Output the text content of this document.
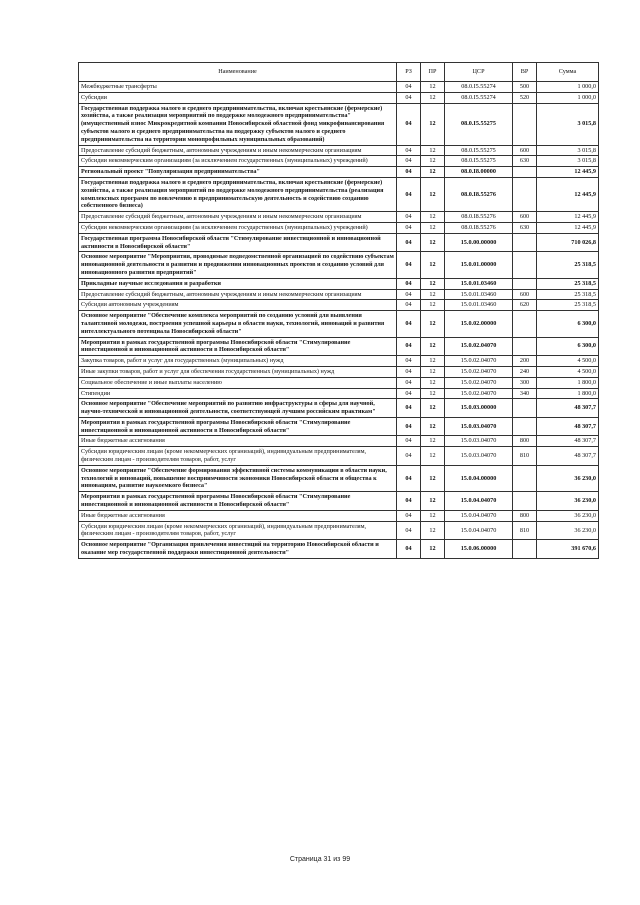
Наименование	РЗ	ПР	ЦСР	ВР	Сумма
Межбюджетные трансферты	04	12	08.0.I5.55274	500	1 000,0
Субсидии	04	12	08.0.I5.55274	520	1 000,0
Государственная поддержка малого и среднего предпринимательства, включая крестьянские (фермерские) хозяйства, а также реализация мероприятий по поддержке молодежного предпринимательства" (имущественный взнос Микрокредитной компании Новосибирской областной фонд микрофинансирования субъектов малого и среднего предпринимательства на поддержку субъектов малого и среднего предпринимательства на территории монопрофильных муниципальных образований)	04	12	08.0.I5.55275		3 015,8
Предоставление субсидий бюджетным, автономным учреждениям и иным некоммерческим организациям	04	12	08.0.I5.55275	600	3 015,8
Субсидии некоммерческим организациям (за исключением государственных (муниципальных) учреждений)	04	12	08.0.I5.55275	630	3 015,8
Региональный проект "Популяризация предпринимательства"	04	12	08.0.I8.00000		12 445,9
Государственная поддержка малого и среднего предпринимательства, включая крестьянские (фермерские) хозяйства, а также реализация мероприятий по поддержке молодежного предпринимательства (реализация комплексных программ по вовлечению в предпринимательскую деятельность и содействию созданию собственного бизнеса)	04	12	08.0.I8.55276		12 445,9
Предоставление субсидий бюджетным, автономным учреждениям и иным некоммерческим организациям	04	12	08.0.I8.55276	600	12 445,9
Субсидии некоммерческим организациям (за исключением государственных (муниципальных) учреждений)	04	12	08.0.I8.55276	630	12 445,9
Государственная программа Новосибирской области "Стимулирование инвестиционной и инновационной активности в Новосибирской области"	04	12	15.0.00.00000		710 026,8
Основное мероприятие "Мероприятия, проводимые подведомственной организацией по содействию субъектам инновационной деятельности в развитии и продвижении инновационных проектов и созданию условий для инновационного развития предприятий"	04	12	15.0.01.00000		25 318,5
Прикладные научные исследования и разработки	04	12	15.0.01.03460		25 318,5
Предоставление субсидий бюджетным, автономным учреждениям и иным некоммерческим организациям	04	12	15.0.01.03460	600	25 318,5
Субсидии автономным учреждениям	04	12	15.0.01.03460	620	25 318,5
Основное мероприятие "Обеспечение комплекса мероприятий по созданию условий для выявления талантливой молодежи, построения успешной карьеры в области науки, технологий, инноваций и развития интеллектуального потенциала Новосибирской области"	04	12	15.0.02.00000		6 300,0
Мероприятия в рамках государственной программы Новосибирской области "Стимулирование инвестиционной и инновационной активности в Новосибирской области"	04	12	15.0.02.04070		6 300,0
Закупка товаров, работ и услуг для государственных (муниципальных) нужд	04	12	15.0.02.04070	200	4 500,0
Иные закупки товаров, работ и услуг для обеспечения государственных (муниципальных) нужд	04	12	15.0.02.04070	240	4 500,0
Социальное обеспечение и иные выплаты населению	04	12	15.0.02.04070	300	1 800,0
Стипендии	04	12	15.0.02.04070	340	1 800,0
Основное мероприятие "Обеспечение мероприятий по развитию инфраструктуры в сферы для научной, научно-технической и инновационной деятельности, соответствующей лучшим российским практикам"	04	12	15.0.03.00000		48 307,7
Мероприятия в рамках государственной программы Новосибирской области "Стимулирование инвестиционной и инновационной активности в Новосибирской области"	04	12	15.0.03.04070		48 307,7
Иные бюджетные ассигнования	04	12	15.0.03.04070	800	48 307,7
Субсидии юридическим лицам (кроме некоммерческих организаций), индивидуальным предпринимателям, физическим лицам - производителям товаров, работ, услуг	04	12	15.0.03.04070	810	48 307,7
Основное мероприятие "Обеспечение формирования эффективной системы коммуникации в области науки, технологий и инноваций, повышение восприимчивости экономики Новосибирской области и общества к инновациям, развитие наукоемкого бизнеса"	04	12	15.0.04.00000		36 230,0
Мероприятия в рамках государственной программы Новосибирской области "Стимулирование инвестиционной и инновационной активности в Новосибирской области"	04	12	15.0.04.04070		36 230,0
Иные бюджетные ассигнования	04	12	15.0.04.04070	800	36 230,0
Субсидии юридическим лицам (кроме некоммерческих организаций), индивидуальным предпринимателям, физическим лицам - производителям товаров, работ, услуг	04	12	15.0.04.04070	810	36 230,0
Основное мероприятие "Организация привлечения инвестиций на территорию Новосибирской области и оказание мер государственной поддержки инвестиционной деятельности"	04	12	15.0.06.00000		391 670,6
Страница 31 из 99
